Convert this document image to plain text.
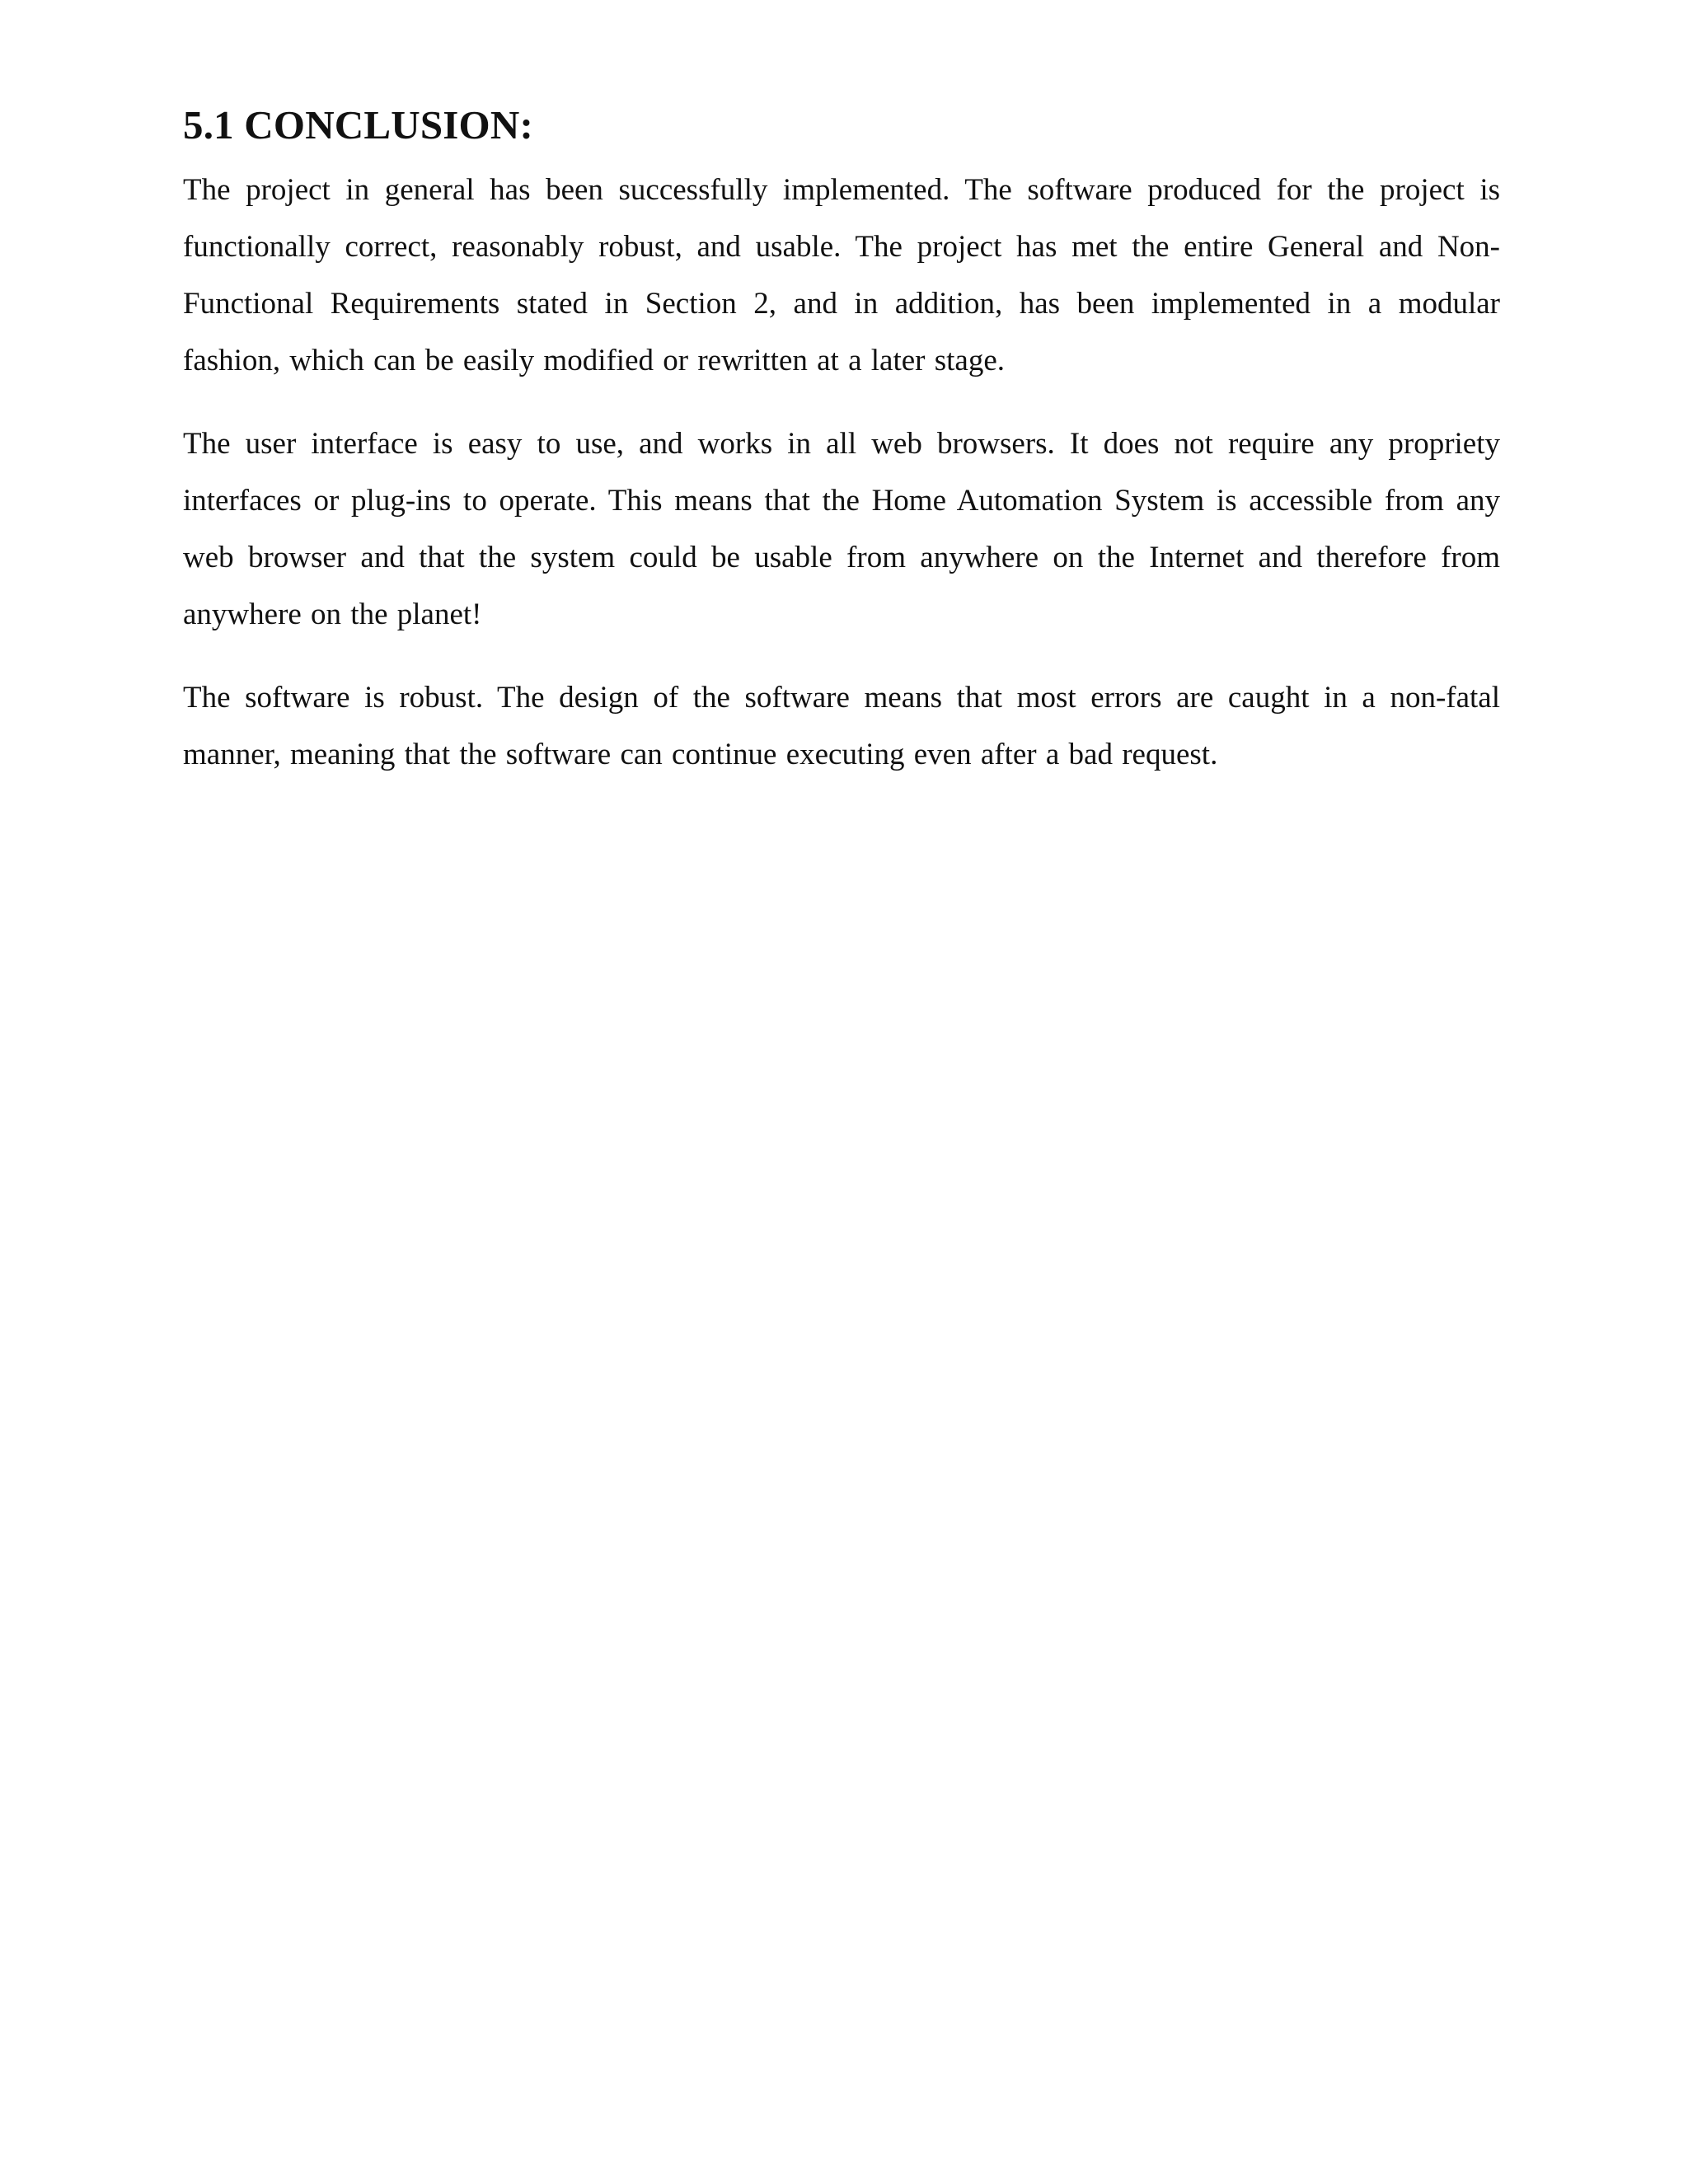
5.1 CONCLUSION:

The project in general has been successfully implemented. The software produced for the project is functionally correct, reasonably robust, and usable. The project has met the entire General and Non-Functional Requirements stated in Section 2, and in addition, has been implemented in a modular fashion, which can be easily modified or rewritten at a later stage.

The user interface is easy to use, and works in all web browsers. It does not require any propriety interfaces or plug-ins to operate. This means that the Home Automation System is accessible from any web browser and that the system could be usable from anywhere on the Internet and therefore from anywhere on the planet!

The software is robust. The design of the software means that most errors are caught in a non-fatal manner, meaning that the software can continue executing even after a bad request.
